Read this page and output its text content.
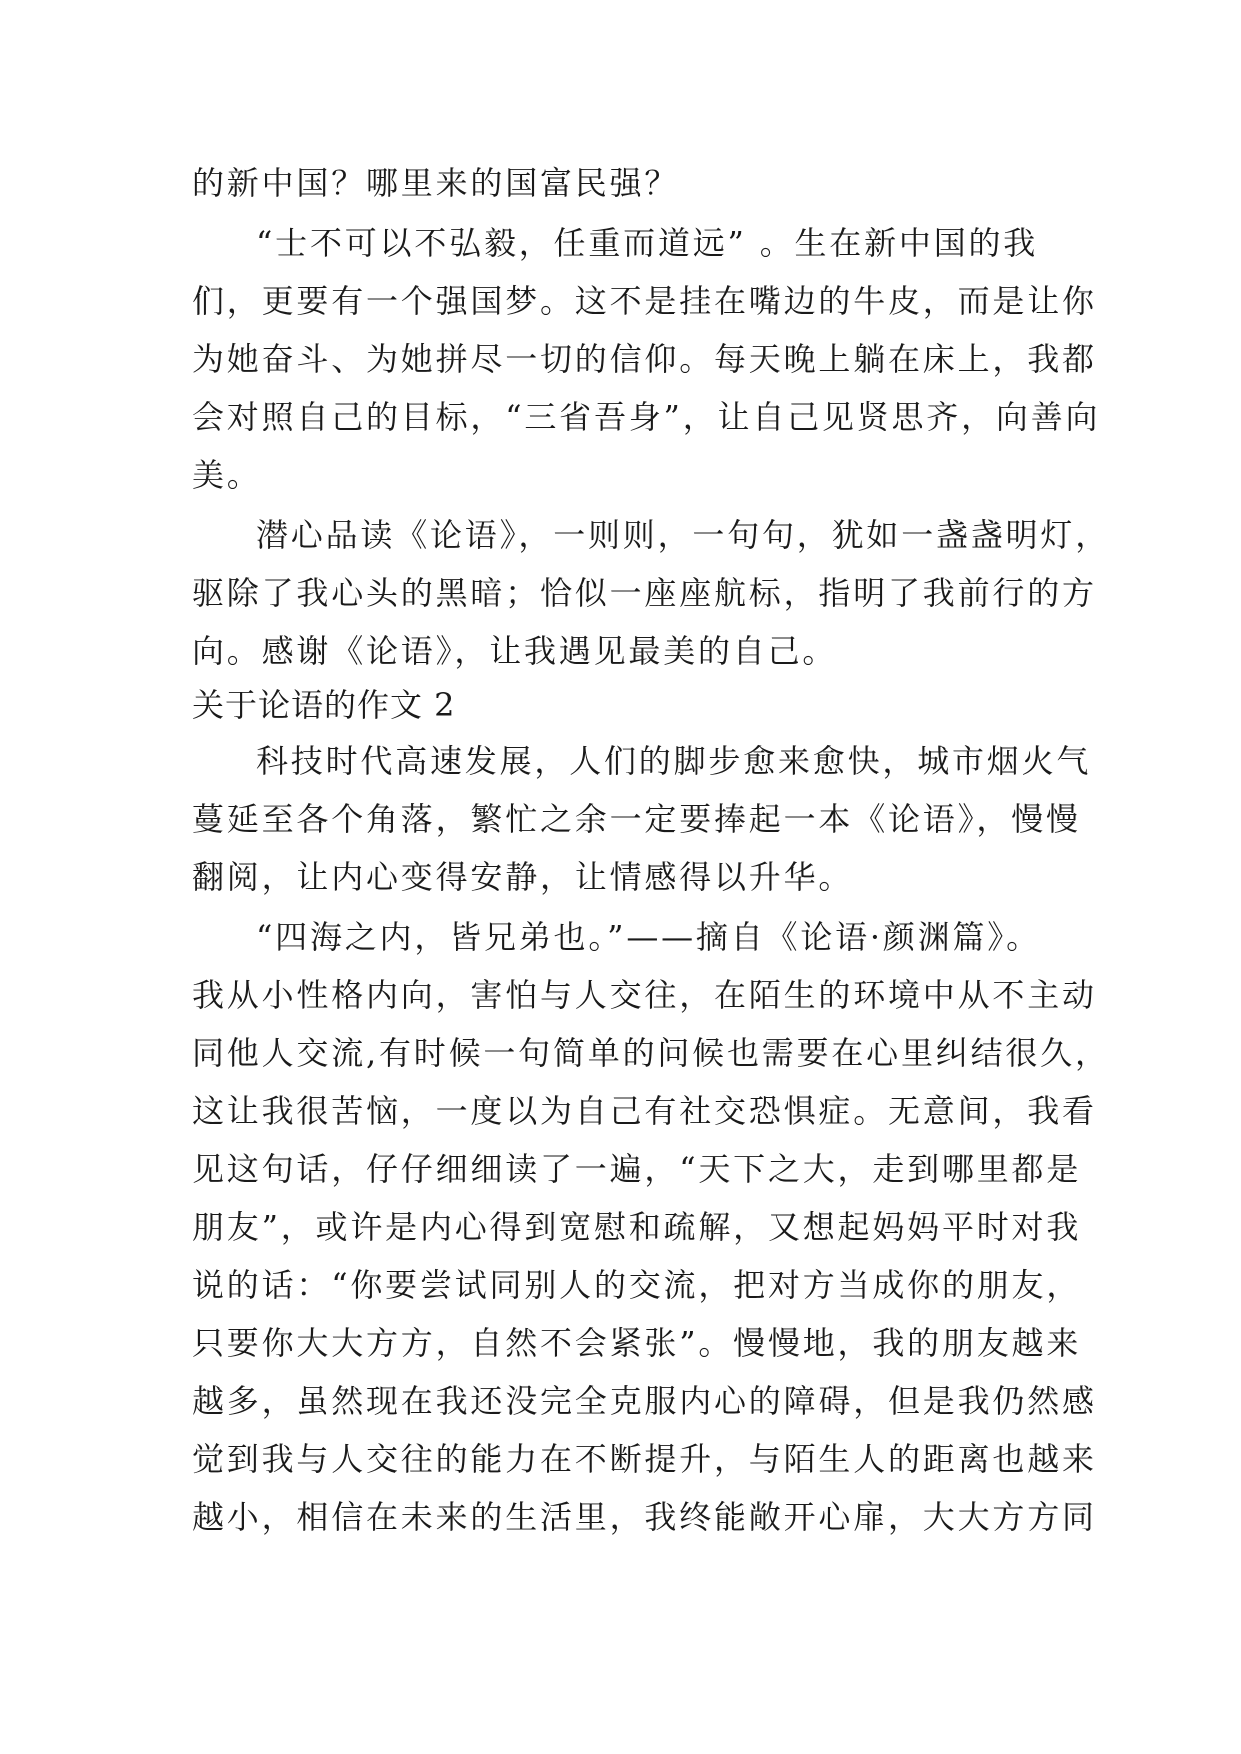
的新中国？哪里来的国富民强？
“士不可以不弘毅，任重而道远” 。生在新中国的我
们，更要有一个强国梦。这不是挂在嘴边的牛皮，而是让你
为她奋斗、为她拼尽一切的信仰。每天晚上躺在床上，我都
会对照自己的目标，“三省吾身”，让自己见贤思齐，向善向
美。
潜心品读《论语》，一则则，一句句，犹如一盏盏明灯，
驱除了我心头的黑暗；恰似一座座航标，指明了我前行的方
向。感谢《论语》，让我遇见最美的自己。
关于论语的作文 2
科技时代高速发展，人们的脚步愈来愈快，城市烟火气
蔓延至各个角落，繁忙之余一定要捧起一本《论语》，慢慢
翻阅，让内心变得安静，让情感得以升华。
“四海之内，皆兄弟也。”——摘自《论语·颜渊篇》。
我从小性格内向，害怕与人交往，在陌生的环境中从不主动
同他人交流,有时候一句简单的问候也需要在心里纠结很久，
这让我很苦恼，一度以为自己有社交恐惧症。无意间，我看
见这句话，仔仔细细读了一遍，“天下之大，走到哪里都是
朋友”，或许是内心得到宽慰和疏解，又想起妈妈平时对我
说的话：“你要尝试同别人的交流，把对方当成你的朋友，
只要你大大方方，自然不会紧张”。慢慢地，我的朋友越来
越多，虽然现在我还没完全克服内心的障碍，但是我仍然感
觉到我与人交往的能力在不断提升，与陌生人的距离也越来
越小，相信在未来的生活里，我终能敞开心扉，大大方方同
